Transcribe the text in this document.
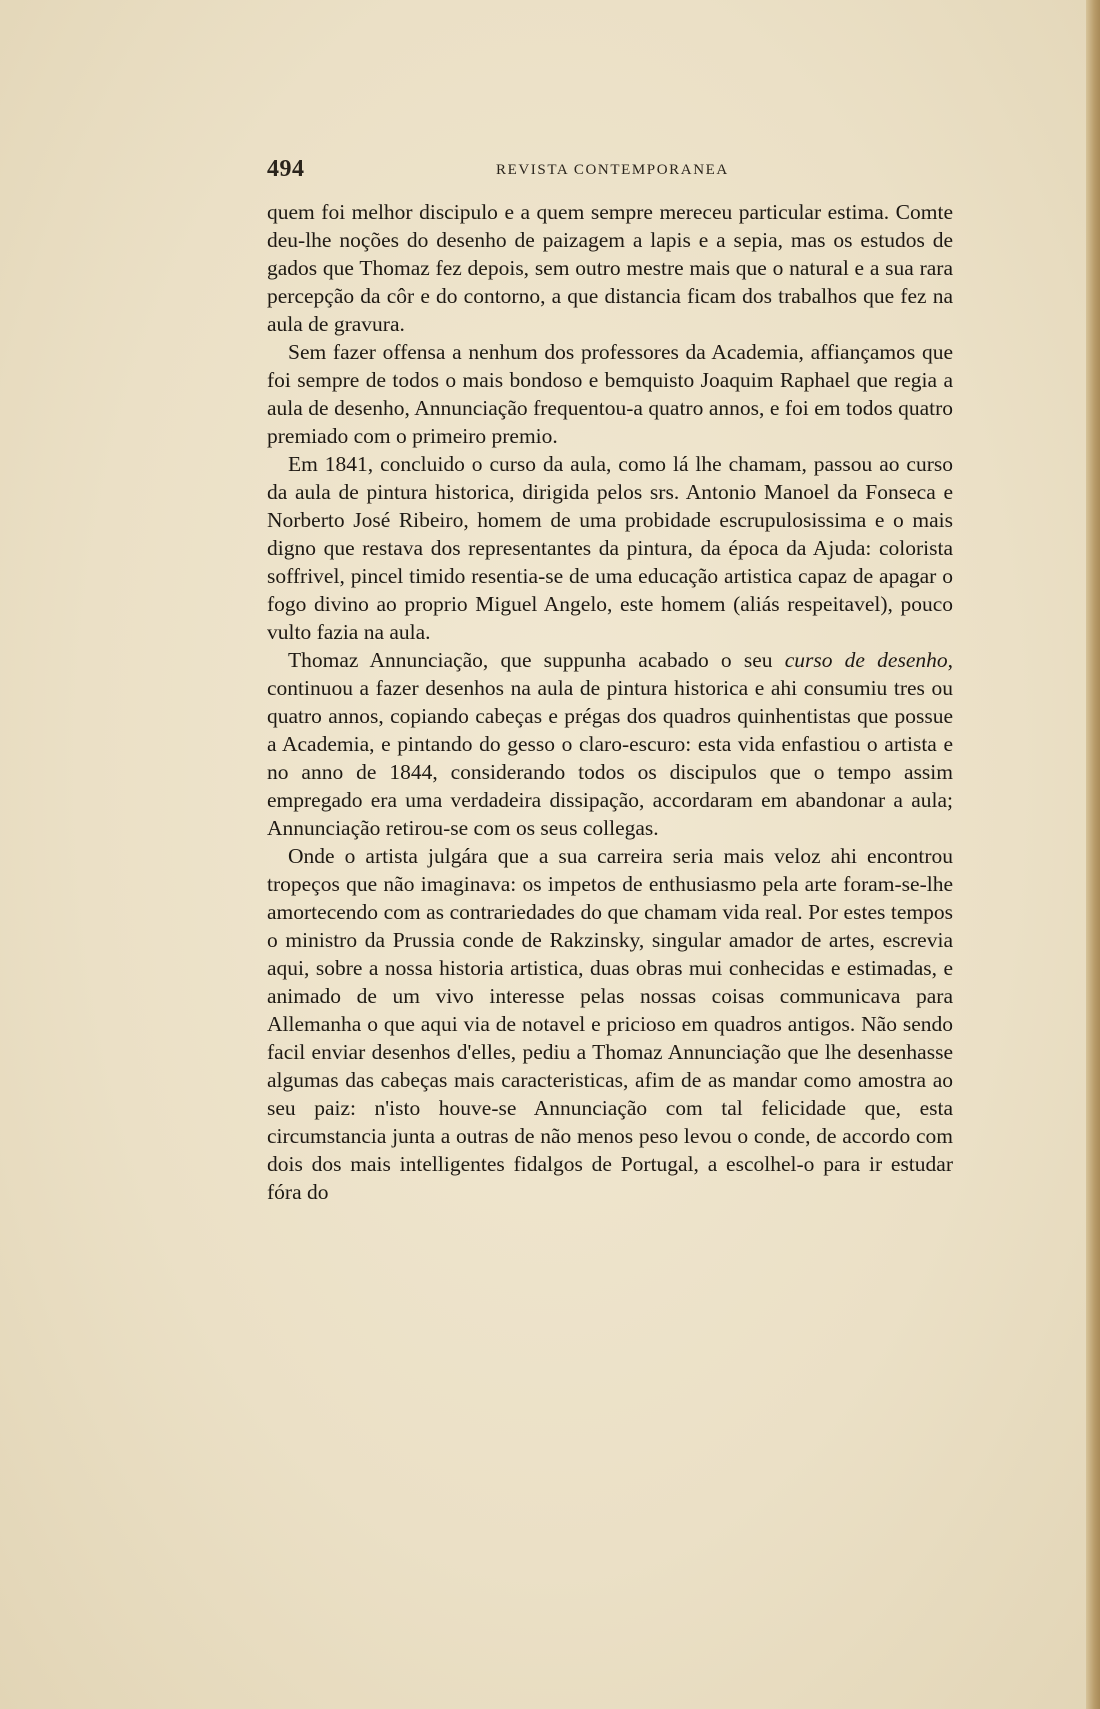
494	REVISTA CONTEMPORANEA

quem foi melhor discipulo e a quem sempre mereceu particular estima. Comte deu-lhe noções do desenho de paizagem a lapis e a sepia, mas os estudos de gados que Thomaz fez depois, sem outro mestre mais que o natural e a sua rara percepção da côr e do contorno, a que distancia ficam dos trabalhos que fez na aula de gravura.

Sem fazer offensa a nenhum dos professores da Academia, affiançamos que foi sempre de todos o mais bondoso e bemquisto Joaquim Raphael que regia a aula de desenho, Annunciação frequentou-a quatro annos, e foi em todos quatro premiado com o primeiro premio.

Em 1841, concluido o curso da aula, como lá lhe chamam, passou ao curso da aula de pintura historica, dirigida pelos srs. Antonio Manoel da Fonseca e Norberto José Ribeiro, homem de uma probidade escrupulosissima e o mais digno que restava dos representantes da pintura, da época da Ajuda: colorista soffrivel, pincel timido resentia-se de uma educação artistica capaz de apagar o fogo divino ao proprio Miguel Angelo, este homem (aliás respeitavel), pouco vulto fazia na aula.

Thomaz Annunciação, que suppunha acabado o seu curso de desenho, continuou a fazer desenhos na aula de pintura historica e ahi consumiu tres ou quatro annos, copiando cabeças e prégas dos quadros quinhentistas que possue a Academia, e pintando do gesso o claro-escuro: esta vida enfastiou o artista e no anno de 1844, considerando todos os discipulos que o tempo assim empregado era uma verdadeira dissipação, accordaram em abandonar a aula; Annunciação retirou-se com os seus collegas.

Onde o artista julgára que a sua carreira seria mais veloz ahi encontrou tropeços que não imaginava: os impetos de enthusiasmo pela arte foram-se-lhe amortecendo com as contrariedades do que chamam vida real. Por estes tempos o ministro da Prussia conde de Rakzinsky, singular amador de artes, escrevia aqui, sobre a nossa historia artistica, duas obras mui conhecidas e estimadas, e animado de um vivo interesse pelas nossas coisas communicava para Allemanha o que aqui via de notavel e pricioso em quadros antigos. Não sendo facil enviar desenhos d'elles, pediu a Thomaz Annunciação que lhe desenhasse algumas das cabeças mais caracteristicas, afim de as mandar como amostra ao seu paiz: n'isto houve-se Annunciação com tal felicidade que, esta circumstancia junta a outras de não menos peso levou o conde, de accordo com dois dos mais intelligentes fidalgos de Portugal, a escolhel-o para ir estudar fóra do
